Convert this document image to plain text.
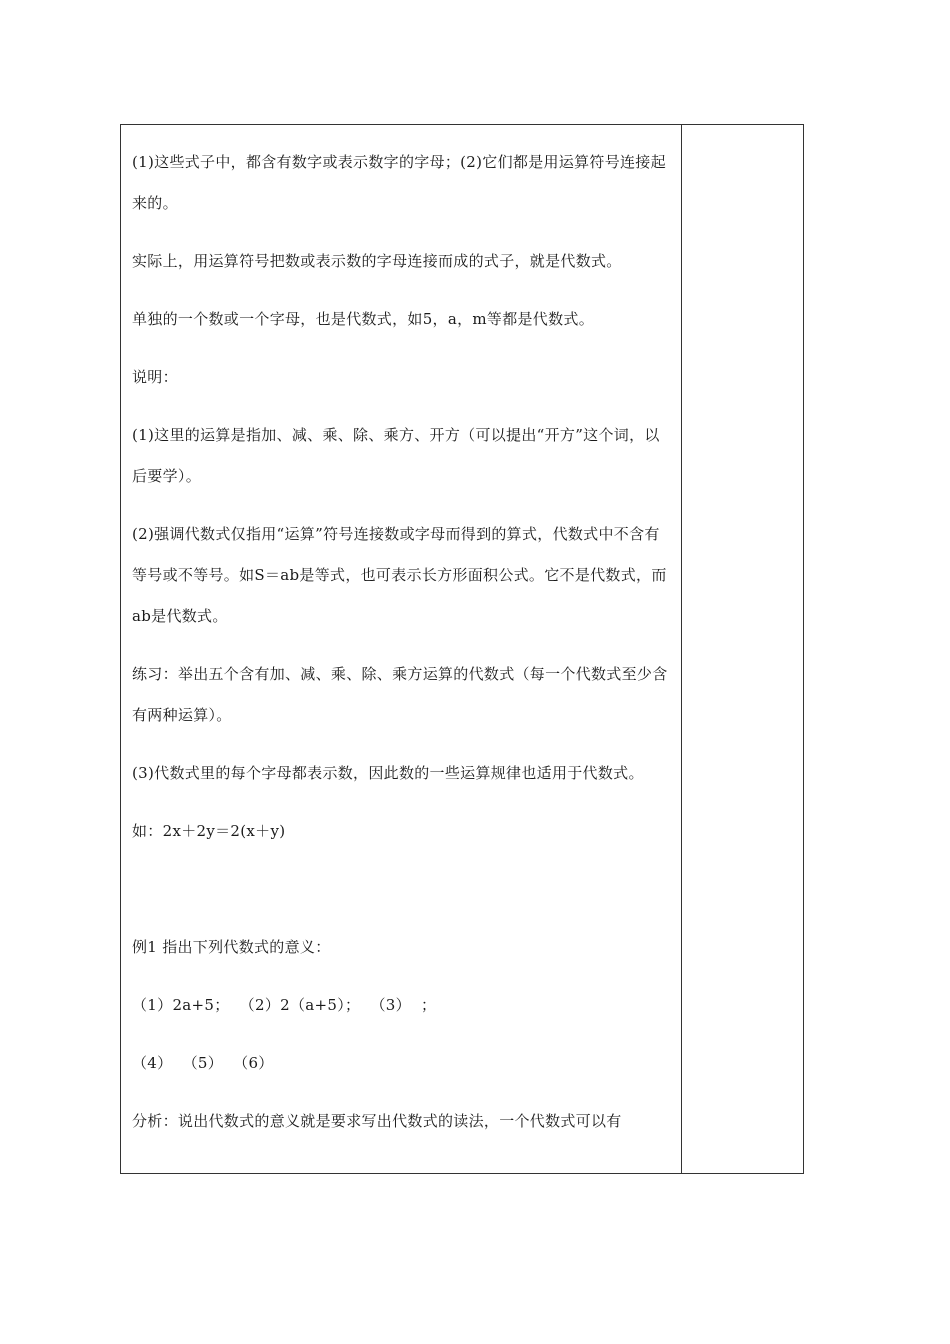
(1)这些式子中，都含有数字或表示数字的字母；(2)它们都是用运算符号连接起来的。

实际上，用运算符号把数或表示数的字母连接而成的式子，就是代数式。

单独的一个数或一个字母，也是代数式，如5，a，m等都是代数式。

说明：

(1)这里的运算是指加、减、乘、除、乘方、开方（可以提出“开方”这个词，以后要学）。

(2)强调代数式仅指用“运算”符号连接数或字母而得到的算式，代数式中不含有等号或不等号。如S＝ab是等式，也可表示长方形面积公式。它不是代数式，而ab是代数式。

练习：举出五个含有加、减、乘、除、乘方运算的代数式（每一个代数式至少含有两种运算）。

(3)代数式里的每个字母都表示数，因此数的一些运算规律也适用于代数式。

如：2x＋2y＝2(x＋y)

例1 指出下列代数式的意义：

（1）2a+5；  （2）2（a+5）；  （3）  ；

（4）  （5）  （6）

分析：说出代数式的意义就是要求写出代数式的读法，一个代数式可以有
